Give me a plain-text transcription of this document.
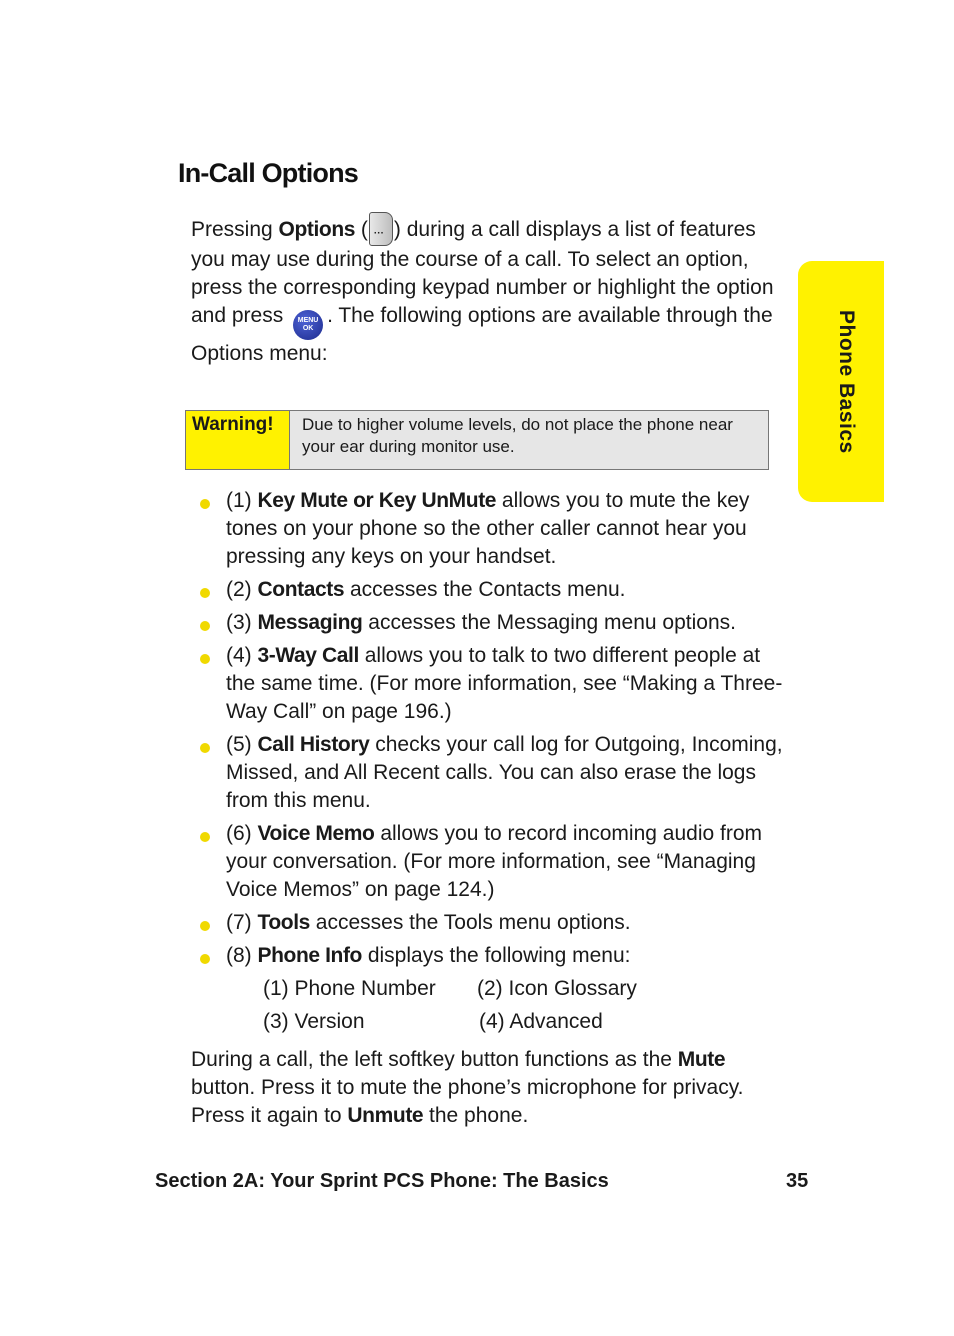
In-Call Options

Pressing Options ( ··· ) during a call displays a list of features you may use during the course of a call. To select an option, press the corresponding keypad number or highlight the option and press MENU
OK. The following options are available through the Options menu:

Warning!	Due to higher volume levels, do not place the phone near your ear during monitor use.
(1) Key Mute or Key UnMute allows you to mute the key tones on your phone so the other caller cannot hear you pressing any keys on your handset.
(2) Contacts accesses the Contacts menu.
(3) Messaging accesses the Messaging menu options.
(4) 3-Way Call allows you to talk to two different people at the same time. (For more information, see “Making a Three-Way Call” on page 196.)
(5) Call History checks your call log for Outgoing, Incoming, Missed, and All Recent calls. You can also erase the logs from this menu.
(6) Voice Memo allows you to record incoming audio from your conversation. (For more information, see “Managing Voice Memos” on page 124.)
(7) Tools accesses the Tools menu options.
(8) Phone Info displays the following menu:
(1) Phone Number (2) Icon Glossary
(3) Version	(4) Advanced

During a call, the left softkey button functions as the Mute button. Press it to mute the phone’s microphone for privacy. Press it again to Unmute the phone.

Section 2A: Your Sprint PCS Phone: The Basics	35
Phone Basics
